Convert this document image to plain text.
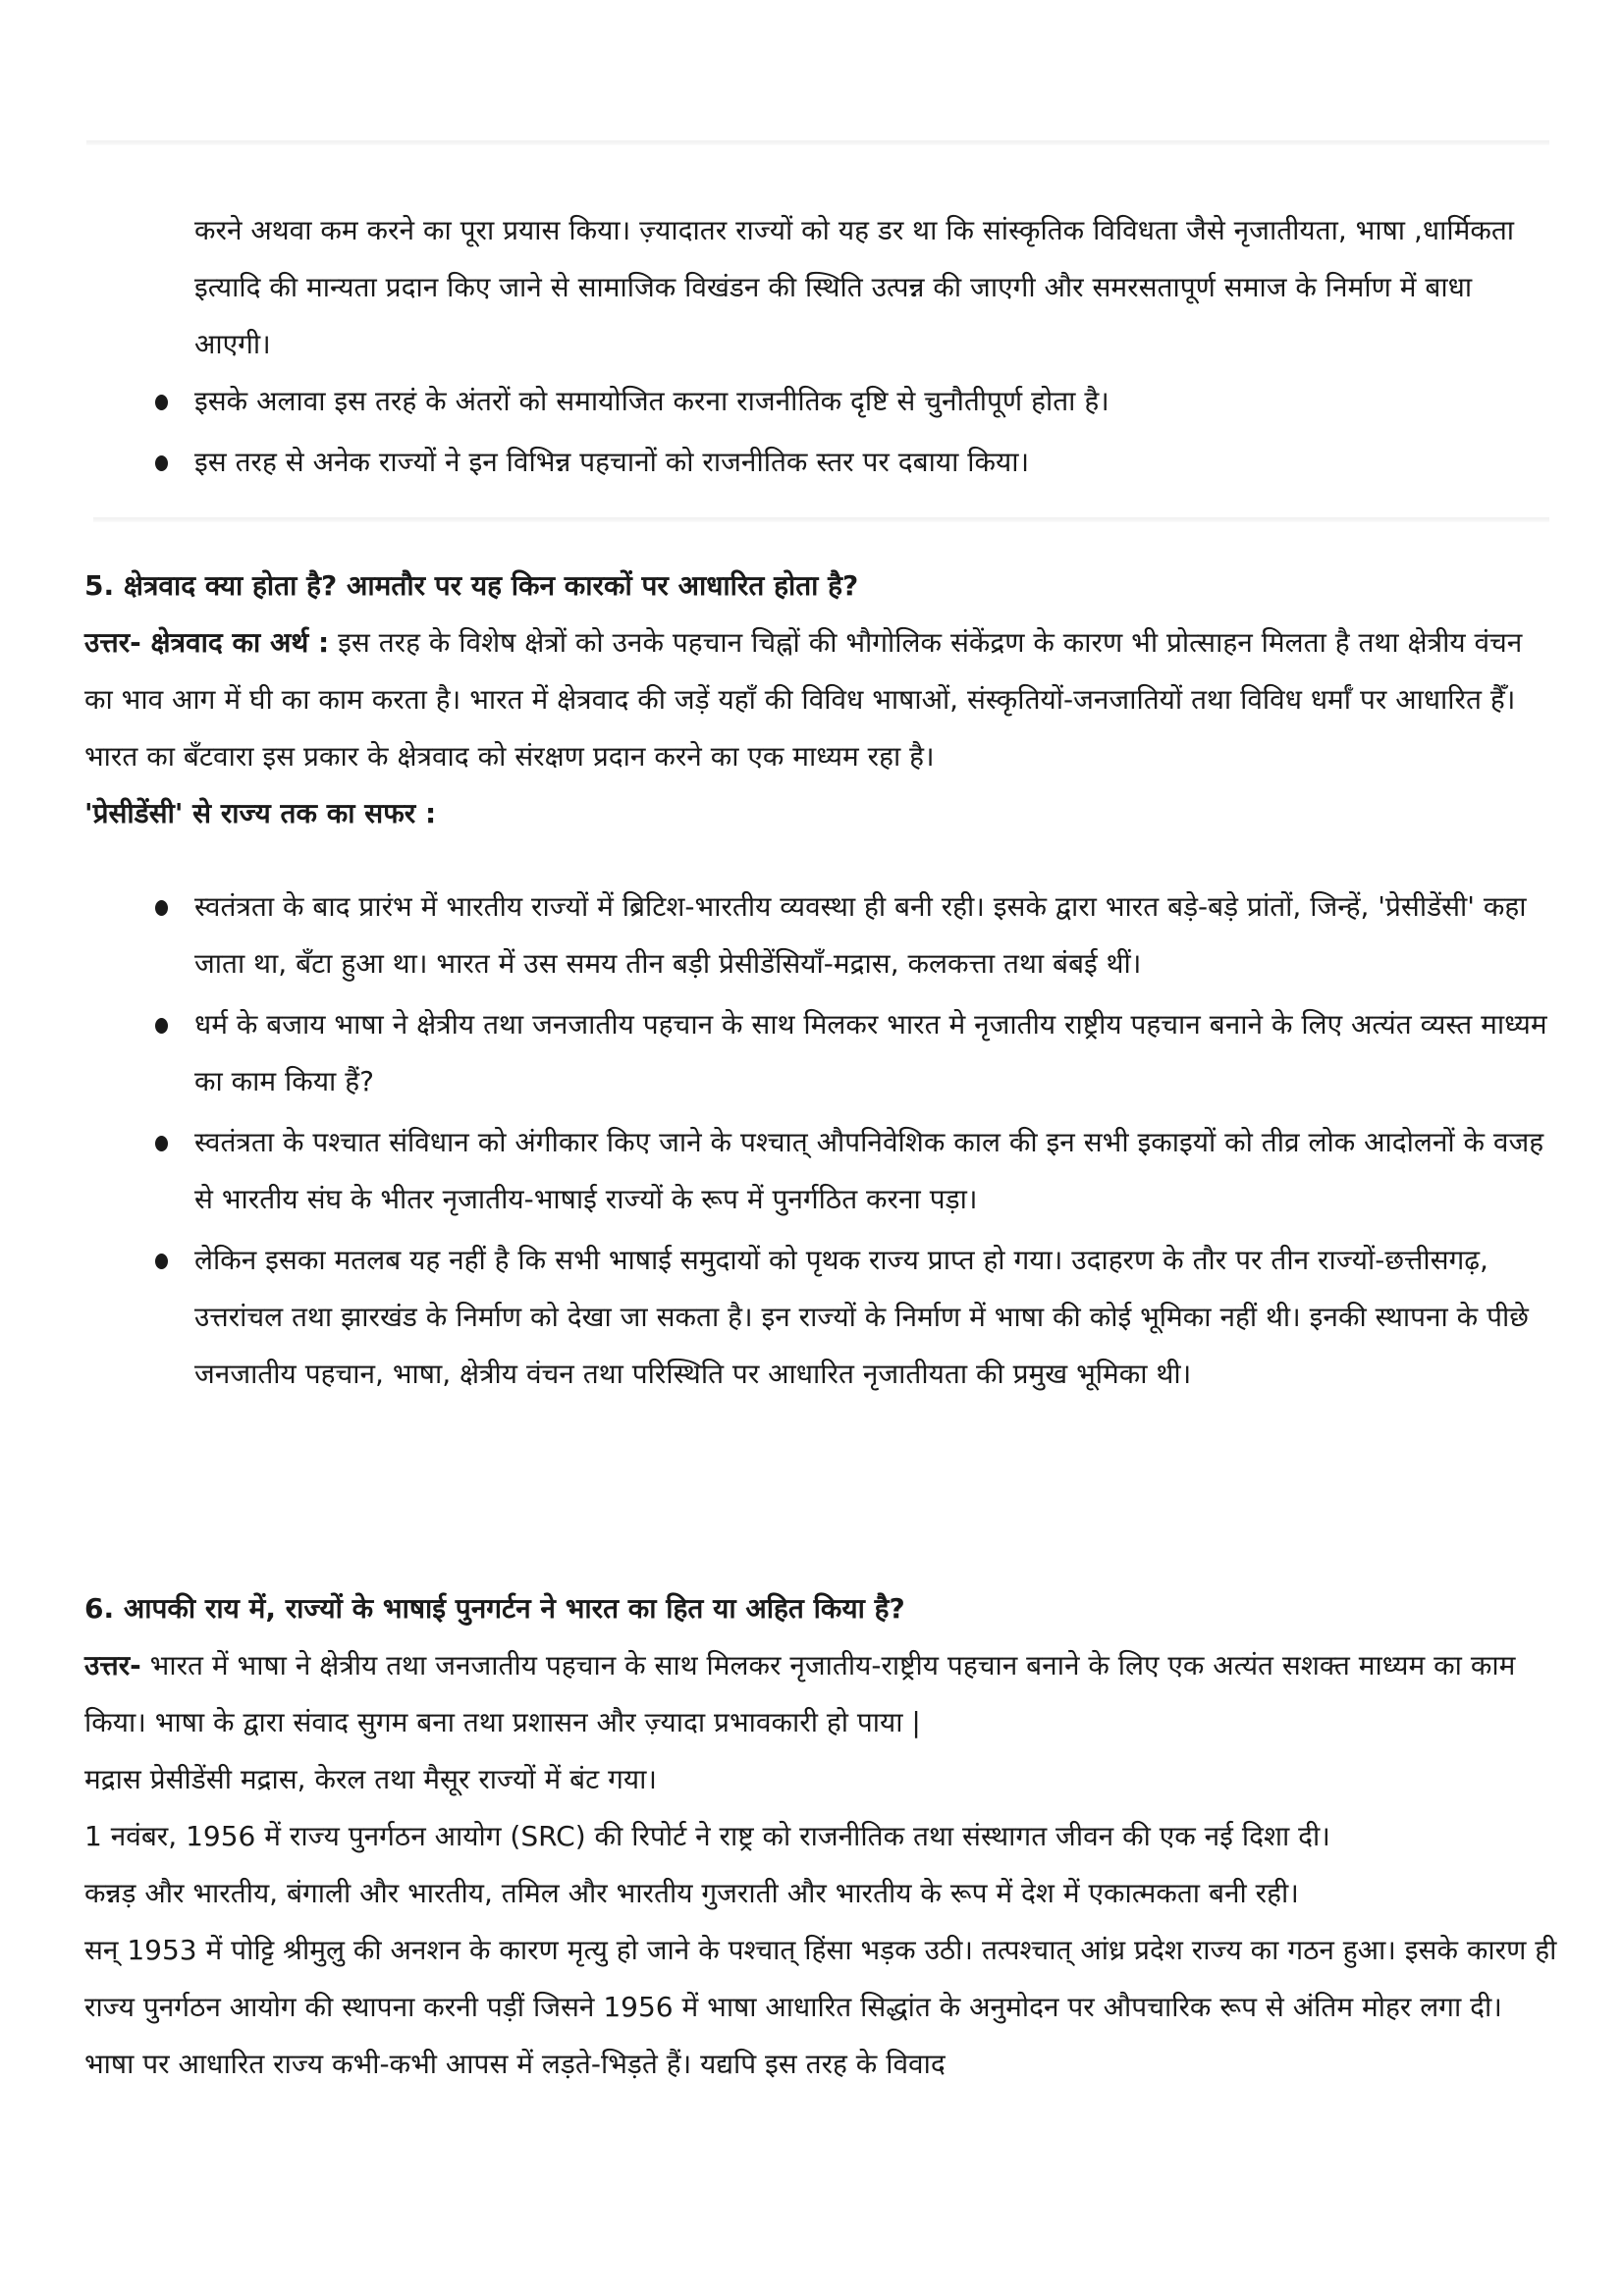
करने अथवा कम करने का पूरा प्रयास किया। ज़्यादातर राज्यों को यह डर था कि सांस्कृतिक विविधता जैसे नृजातीयता, भाषा ,धार्मिकता इत्यादि की मान्यता प्रदान किए जाने से सामाजिक विखंडन की स्थिति उत्पन्न की जाएगी और समरसतापूर्ण समाज के निर्माण में बाधा आएगी।

इसके अलावा इस तरहं के अंतरों को समायोजित करना राजनीतिक दृष्टि से चुनौतीपूर्ण होता है।
इस तरह से अनेक राज्यों ने इन विभिन्न पहचानों को राजनीतिक स्तर पर दबाया किया।

5. क्षेत्रवाद क्या होता है? आमतौर पर यह किन कारकों पर आधारित होता है?

उत्तर- क्षेत्रवाद का अर्थ : इस तरह के विशेष क्षेत्रों को उनके पहचान चिह्नों की भौगोलिक संकेंद्रण के कारण भी प्रोत्साहन मिलता है तथा क्षेत्रीय वंचन का भाव आग में घी का काम करता है। भारत में क्षेत्रवाद की जड़ें यहाँ की विविध भाषाओं, संस्कृतियों-जनजातियों तथा विविध धर्माँ पर आधारित हैँ। भारत का बँटवारा इस प्रकार के क्षेत्रवाद को संरक्षण प्रदान करने का एक माध्यम रहा है।

'प्रेसीडेंसी' से राज्य तक का सफर :

स्वतंत्रता के बाद प्रारंभ में भारतीय राज्यों में ब्रिटिश-भारतीय व्यवस्था ही बनी रही। इसके द्वारा भारत बड़े-बड़े प्रांतों, जिन्हें, 'प्रेसीडेंसी' कहा जाता था, बँटा हुआ था। भारत में उस समय तीन बड़ी प्रेसीडेंसियाँ-मद्रास, कलकत्ता तथा बंबई थीं।
धर्म के बजाय भाषा ने क्षेत्रीय तथा जनजातीय पहचान के साथ मिलकर भारत मे नृजातीय राष्ट्रीय पहचान बनाने के लिए अत्यंत व्यस्त माध्यम का काम किया हैं?
स्वतंत्रता के पश्चात संविधान को अंगीकार किए जाने के पश्चात् औपनिवेशिक काल की इन सभी इकाइयों को तीव्र लोक आदोलनों के वजह से भारतीय संघ के भीतर नृजातीय-भाषाई राज्यों के रूप में पुनर्गठित करना पड़ा।
लेकिन इसका मतलब यह नहीं है कि सभी भाषाई समुदायों को पृथक राज्य प्राप्त हो गया। उदाहरण के तौर पर तीन राज्यों-छत्तीसगढ़, उत्तरांचल तथा झारखंड के निर्माण को देखा जा सकता है। इन राज्यों के निर्माण में भाषा की कोई भूमिका नहीं थी। इनकी स्थापना के पीछे जनजातीय पहचान, भाषा, क्षेत्रीय वंचन तथा परिस्थिति पर आधारित नृजातीयता की प्रमुख भूमिका थी।

6. आपकी राय में, राज्यों के भाषाई पुनगर्टन ने भारत का हित या अहित किया है?

उत्तर- भारत में भाषा ने क्षेत्रीय तथा जनजातीय पहचान के साथ मिलकर नृजातीय-राष्ट्रीय पहचान बनाने के लिए एक अत्यंत सशक्त माध्यम का काम किया। भाषा के द्वारा संवाद सुगम बना तथा प्रशासन और ज़्यादा प्रभावकारी हो पाया |

मद्रास प्रेसीडेंसी मद्रास, केरल तथा मैसूर राज्यों में बंट गया।

1 नवंबर, 1956 में राज्य पुनर्गठन आयोग (SRC) की रिपोर्ट ने राष्ट्र को राजनीतिक तथा संस्थागत जीवन की एक नई दिशा दी।

कन्नड़ और भारतीय, बंगाली और भारतीय, तमिल और भारतीय गुजराती और भारतीय के रूप में देश में एकात्मकता बनी रही।

सन् 1953 में पोट्टि श्रीमुलु की अनशन के कारण मृत्यु हो जाने के पश्चात् हिंसा भड़क उठी। तत्पश्चात् आंध्र प्रदेश राज्य का गठन हुआ। इसके कारण ही राज्य पुनर्गठन आयोग की स्थापना करनी पड़ीं जिसने 1956 में भाषा आधारित सिद्धांत के अनुमोदन पर औपचारिक रूप से अंतिम मोहर लगा दी। भाषा पर आधारित राज्य कभी-कभी आपस में लड़ते-भिड़ते हैं। यद्यपि इस तरह के विवाद
